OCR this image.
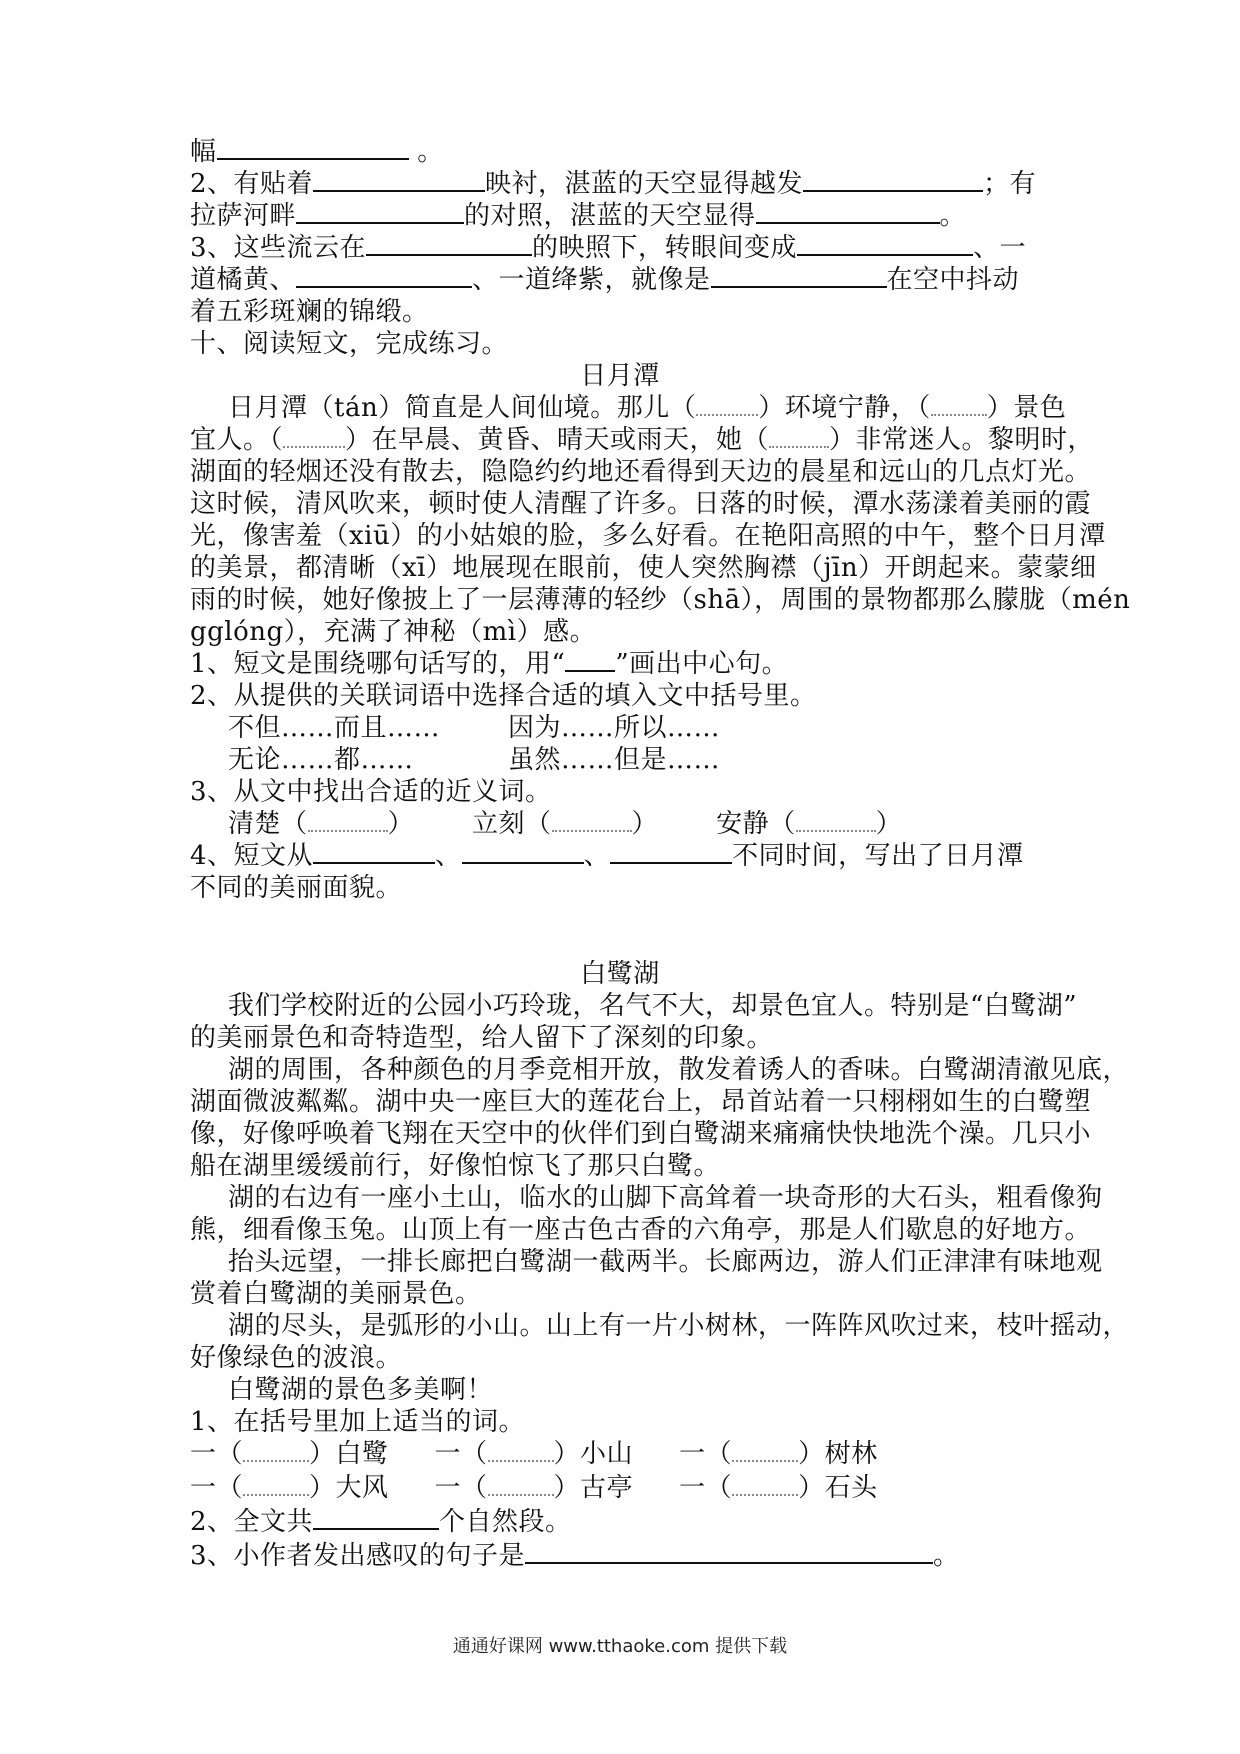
幅	。
2、有贴着	映衬，湛蓝的天空显得越发	；有
拉萨河畔	的对照，湛蓝的天空显得	。
3、这些流云在	的映照下，转眼间变成	、一
道橘黄、	、一道绛紫，就像是	在空中抖动
着五彩斑斓的锦缎。
十、阅读短文，完成练习。
日月潭
日月潭（tán）简直是人间仙境。那儿（ ）环境宁静，（ ）景色
宜人。（ ）在早晨、黄昏、晴天或雨天，她（ ）非常迷人。黎明时，
湖面的轻烟还没有散去，隐隐约约地还看得到天边的晨星和远山的几点灯光。
这时候，清风吹来，顿时使人清醒了许多。日落的时候，潭水荡漾着美丽的霞
光，像害羞（xiū）的小姑娘的脸，多么好看。在艳阳高照的中午，整个日月潭
的美景，都清晰（xī）地展现在眼前，使人突然胸襟（jīn）开朗起来。蒙蒙细
雨的时候，她好像披上了一层薄薄的轻纱（shā），周围的景物都那么朦胧（mén
gglóng），充满了神秘（mì）感。
1、短文是围绕哪句话写的，用“ ”画出中心句。
2、从提供的关联词语中选择合适的填入文中括号里。
不但……而且……	因为……所以……
无论……都……	虽然……但是……
3、从文中找出合适的近义词。
清楚（	） 立刻（	） 安静（	）
4、短文从	、	、	不同时间，写出了日月潭
不同的美丽面貌。
白鹭湖
我们学校附近的公园小巧玲珑，名气不大，却景色宜人。特别是“白鹭湖”
的美丽景色和奇特造型，给人留下了深刻的印象。
湖的周围，各种颜色的月季竞相开放，散发着诱人的香味。白鹭湖清澈见底，
湖面微波粼粼。湖中央一座巨大的莲花台上，昂首站着一只栩栩如生的白鹭塑
像，好像呼唤着飞翔在天空中的伙伴们到白鹭湖来痛痛快快地洗个澡。几只小
船在湖里缓缓前行，好像怕惊飞了那只白鹭。
湖的右边有一座小土山，临水的山脚下高耸着一块奇形的大石头，粗看像狗
熊，细看像玉兔。山顶上有一座古色古香的六角亭，那是人们歇息的好地方。
抬头远望，一排长廊把白鹭湖一截两半。长廊两边，游人们正津津有味地观
赏着白鹭湖的美丽景色。
湖的尽头，是弧形的小山。山上有一片小树林，一阵阵风吹过来，枝叶摇动，
好像绿色的波浪。
白鹭湖的景色多美啊！
1、在括号里加上适当的词。
一（	）白鹭 一（	）小山 一（	）树林
一（	）大风 一（	）古亭 一（	）石头
2、全文共	个自然段。
3、小作者发出感叹的句子是	。
通通好课网 www.tthaoke.com 提供下载
